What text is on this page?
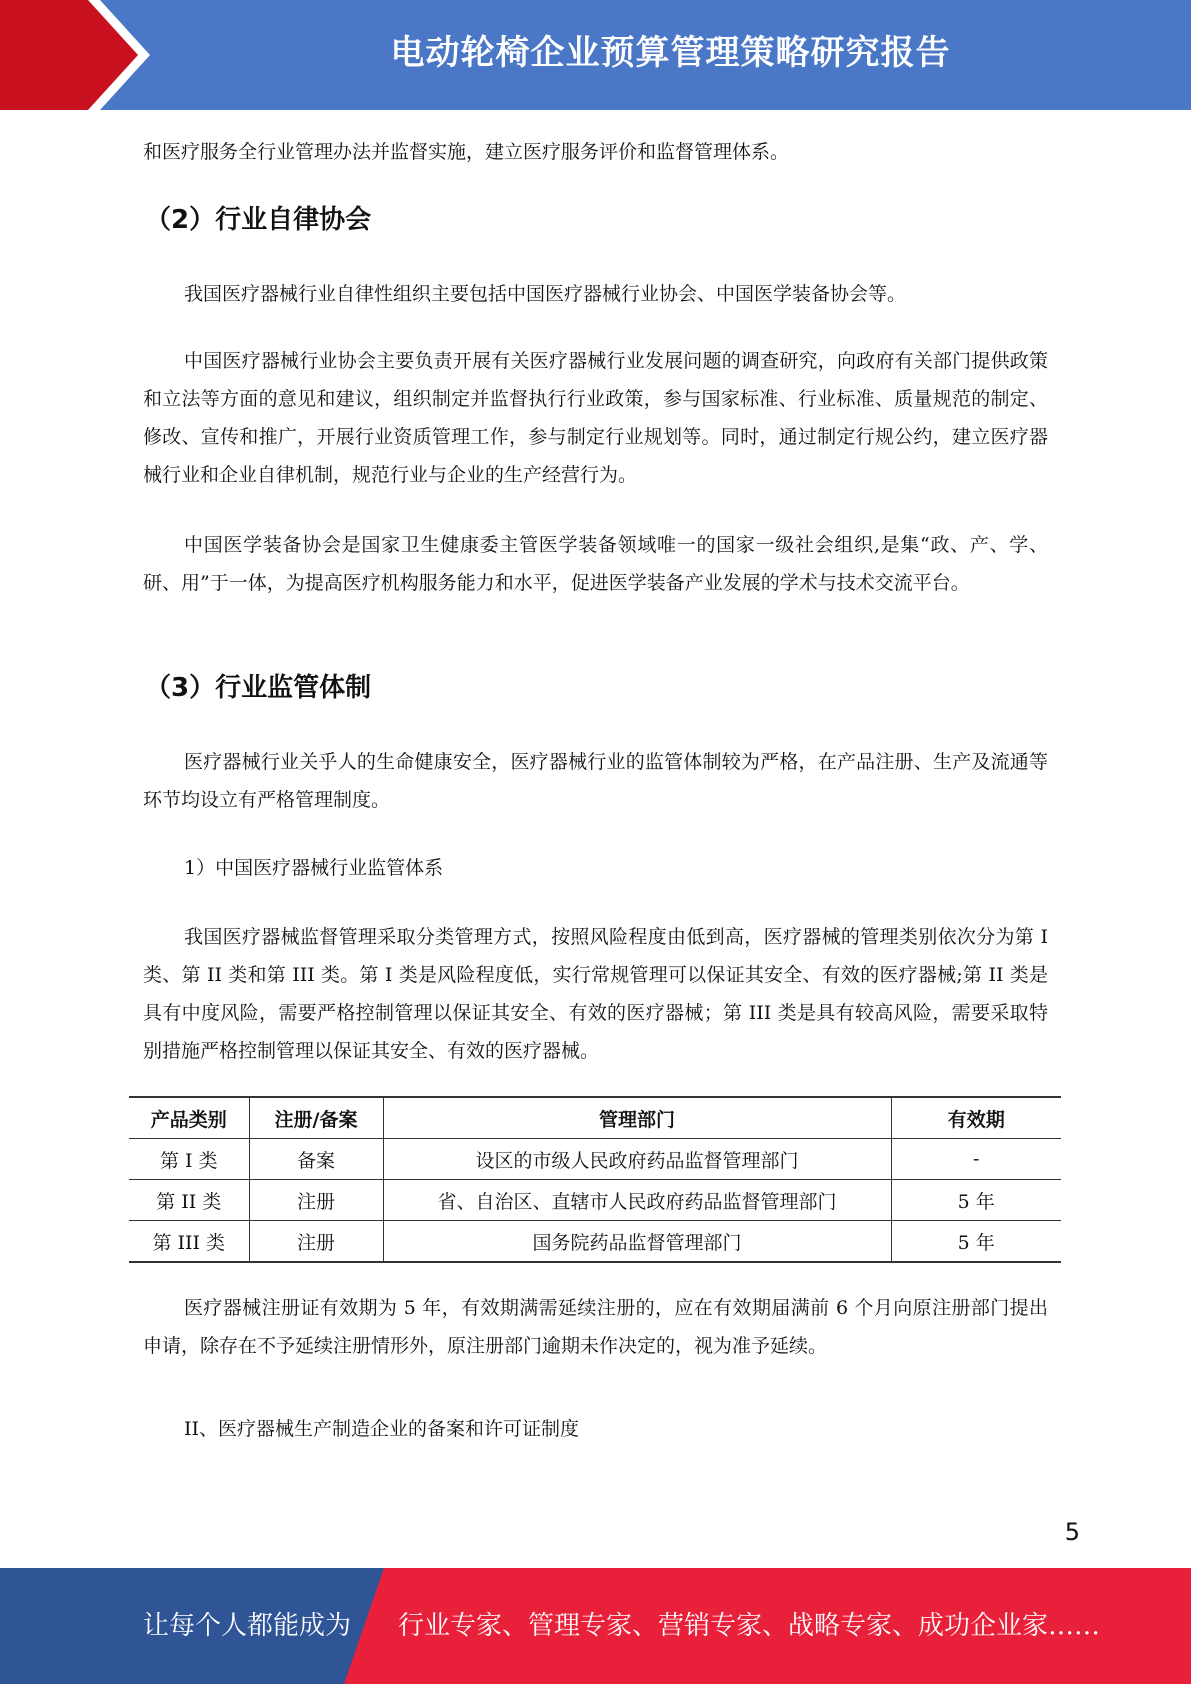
电动轮椅企业预算管理策略研究报告

和医疗服务全行业管理办法并监督实施，建立医疗服务评价和监督管理体系。

（2）行业自律协会

我国医疗器械行业自律性组织主要包括中国医疗器械行业协会、中国医学装备协会等。

中国医疗器械行业协会主要负责开展有关医疗器械行业发展问题的调查研究，向政府有关部门提供政策和立法等方面的意见和建议，组织制定并监督执行行业政策，参与国家标准、行业标准、质量规范的制定、修改、宣传和推广，开展行业资质管理工作，参与制定行业规划等。同时，通过制定行规公约，建立医疗器械行业和企业自律机制，规范行业与企业的生产经营行为。

中国医学装备协会是国家卫生健康委主管医学装备领域唯一的国家一级社会组织,是集“政、产、学、研、用”于一体，为提高医疗机构服务能力和水平，促进医学装备产业发展的学术与技术交流平台。

（3）行业监管体制

医疗器械行业关乎人的生命健康安全，医疗器械行业的监管体制较为严格，在产品注册、生产及流通等环节均设立有严格管理制度。

1）中国医疗器械行业监管体系

我国医疗器械监督管理采取分类管理方式，按照风险程度由低到高，医疗器械的管理类别依次分为第 I 类、第 II 类和第 III 类。第 I 类是风险程度低，实行常规管理可以保证其安全、有效的医疗器械;第 II 类是具有中度风险，需要严格控制管理以保证其安全、有效的医疗器械；第 III 类是具有较高风险，需要采取特别措施严格控制管理以保证其安全、有效的医疗器械。

医疗器械注册证有效期为 5 年，有效期满需延续注册的，应在有效期届满前 6 个月向原注册部门提出申请，除存在不予延续注册情形外，原注册部门逾期未作决定的，视为准予延续。

II、医疗器械生产制造企业的备案和许可证制度

产品类别	注册/备案	管理部门	有效期
第 I 类	备案	设区的市级人民政府药品监督管理部门	-
第 II 类	注册	省、自治区、直辖市人民政府药品监督管理部门	5 年
第 III 类	注册	国务院药品监督管理部门	5 年
5
让每个人都能成为 行业专家、管理专家、营销专家、战略专家、成功企业家……
